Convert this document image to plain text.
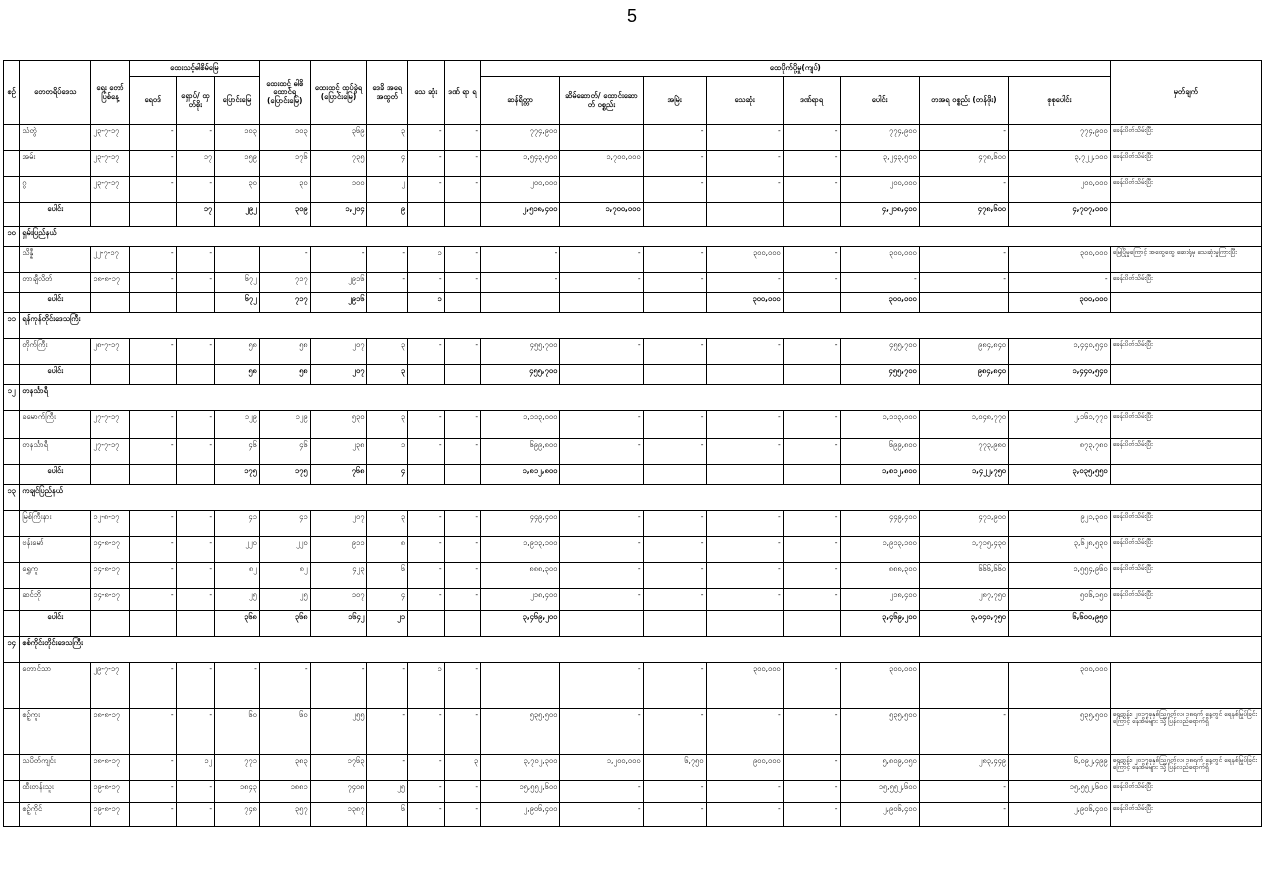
5
စဉ်	တေတရိပ်ဒေသ	ရေး တော် ပြစ်နေ့	ထေးသင့်ဓါစိမ်မြေ			ထေးထင့် ဓါစိ ထောင်ရ (ပြောင်းမြေ)	ထေးထင့် ထှပ်ခွဲရ (ပြောင်းမြေ)	ဒေခိ အရေ အထွတ်	သေ ဆုံး	ဒဏ် ရာ ရ	ထေပိုက်ပို့မှု(ကျပ်)								မှတ်ချက်
			ရေ၀ဒ်	ရှောပ်/ ထှတ်စိုး	ပြောင်းမြေ						ဆန်ရိတ္တာ	ဆိမ်ဆောတ်/ ထောင်းဆောတ် ဝစ္စည်း	အမြဲး	သေဆုံး	ဒဏ်ရာရ	ပေါင်း	တအရ ဝစ္စည်း (တန်ဖိုး)	စုစုပေါင်း	
	သံတွဲ	၂၃-၇-၁၇	-	-	၁၀၃	၁၀၃	၃၆၉	၃	-	-	၇၇၄,၉၀၀		-	-	-	၇၇၄,၉၀၀	-	၇၇၄,၉၀၀	ခေန်းပိတ်သိမ်းပြီး
	အမ်း	၂၃-၇-၁၇	-	၁၇	၁၅၉	၁၇၆	၇၃၅	၄	-	-	၁,၅၄၃,၅၀၀	၁,၇၀၀,၀၀၀	-	-	-	၃,၂၄၃,၅၀၀	၄၇၈,၆၀၀	၃,၇၂၂,၁၀၀	ခေန်းပိတ်သိမ်းပြီး
	ဂွ	၂၃-၇-၁၇	-	-	၃၀	၃၀	၁၀၀	၂	-	-	၂၀၀,၀၀၀		-	-	-	၂၀၀,၀၀၀	-	၂၀၀,၀၀၀	ခေန်းပိတ်သိမ်းပြီး
	ပေါင်း			၁၇	၂၉၂	၃၀၉	၁,၂၀၄	၉			၂,၅၁၈,၄၀၀	၁,၇၀၀,၀၀၀				၄,၂၁၈,၄၀၀	၄၇၈,၆၀၀	၄,၇၀၇,၀၀၀	
၁၀	ရှမ်းပြည်နယ်																		
	သိန္နီ	၂၂-၇-၁၇	-	-		-	-	-	၁	-	-	-	-	၃၀၀,၀၀၀	-	၃၀၀,၀၀၀	-	၃၀၀,၀၀၀	မြေပြိုမှုကြောင့် အထွေထွေ ဆေးရုံမှ သေဆုံးမှုကြားပြီး
	တာချီလိတ်	၁၈-၈-၁၇	-	-	၆၇၂	၇၁၇	၂၉၁၆	-	-	-	-	-	-	-	-	-	-	-	ခေန်းပိတ်သိမ်းပြီး
	ပေါင်း				၆၇၂	၇၁၇	၂၉၁၆		၁					၃၀၀,၀၀၀		၃၀၀,၀၀၀		၃၀၀,၀၀၀	
၁၁	ရန်ကုန်တိုင်းဒေသကြီး																		
	တိုက်ကြီး	၂၈-၇-၁၇	-	-	၅၈	၅၈	၂၀၇	၃	-	-	၄၅၅,၇၀၀	-	-	-	-	၄၅၅,၇၀၀	၉၈၄,၈၄၀	၁,၄၄၀,၅၄၀	ခေန်းပိတ်သိမ်းပြီး
	ပေါင်း				၅၈	၅၈	၂၀၇	၃			၄၅၅,၇၀၀					၄၅၅,၇၀၀	၉၈၄,၈၄၀	၁,၄၄၀,၅၄၀	
၁၂	တနင်္သာရီ																		
	ခမောက်ကြီး	၂၇-၇-၁၇	-	-	၁၂၉	၁၂၉	၅၃၀	၃	-	-	၁,၁၁၃,၀၀၀	-	-	-	-	၁,၁၁၃,၀၀၀	၁,၀၄၈,၇၇၀	၂,၁၆၁,၇၇၀	ခေန်းပိတ်သိမ်းပြီး
	တနင်္သာရီ	၂၇-၇-၁၇	-	-	၄၆	၄၆	၂၃၈	၁	-	-	၆၉၉,၈၀၀	-	-	-	-	၆၉၉,၈၀၀	၇၇၃,၉၈၀	၈၇၃,၇၈၀	ခေန်းပိတ်သိမ်းပြီး
	ပေါင်း				၁၇၅	၁၇၅	၇၆၈	၄			၁,၈၁၂,၈၀၀					၁,၈၁၂,၈၀၀	၁,၄၂၂,၇၅၀	၃,၀၃၅,၅၅၀	
၁၃	ကချင်ပြည်နယ်																		
	မြစ်ကြီးနား	၁၂-၈-၁၇	-	-	၄၁	၄၁	၂၀၇	၃	-	-	၄၄၉,၄၀၀	-	-	-	-	၄၄၉,၄၀၀	၄၇၁,၉၀၀	၉၂၁,၃၀၀	ခေန်းပိတ်သိမ်းပြီး
	ဗန်းမော်	၁၄-၈-၁၇	-	-	၂၂၀	၂၂၀	၉၁၁	၈	-	-	၁,၉၁၃,၁၀၀	-	-	-	-	၁,၉၁၃,၁၀၀	၁,၇၁၅,၄၃၀	၃,၆၂၈,၅၃၀	ခေန်းပိတ်သိမ်းပြီး
	ရွှေကူ	၁၄-၈-၁၇	-	-	၈၂	၈၂	၄၂၃	၆	-	-	၈၈၈,၃၀၀	-	-	-	-	၈၈၈,၃၀၀	၆၆၆,၆၆၀	၁,၅၅၄,၉၆၀	ခေန်းပိတ်သိမ်းပြီး
	ဆင်ဘို	၁၄-၈-၁၇	-	-	၂၅	၂၅	၁၀၇	၄	-	-	၂၁၈,၄၀၀	-	-	-	-	၂၁၈,၄၀၀	၂၈၇,၇၅၀	၅၀၆,၁၅၀	ခေန်းပိတ်သိမ်းပြီး
	ပေါင်း				၃၆၈	၃၆၈	၁၆၄၂	၂၁			၃,၄၆၉,၂၀၀					၃,၄၆၉,၂၀၀	၃,၀၄၀,၇၅၀	၆,၆၀၀,၉၅၀	
၁၄	စစ်ကိုင်းတိုင်းဒေသကြီး																		
	တောင်သာ	၂၉-၇-၁၇	-	-	-	-	-	-	၁	-		-	-	၃၀၀,၀၀၀	-	၃၀၀,၀၀၀		၃၀၀,၀၀၀	
	စဉ့်ကူး	၁၈-၈-၁၇	-	-	၆၀	၆၀	၂၅၅	-	-	-	၅၃၅,၅၀၀	-	-	-	-	၅၃၅,၅၀၀	-	၅၃၅,၅၀၀	ရေထွန်း၊ ၂၀၁၇ခုနှစ်ဩဂုတ်လ၊ ၁၈ရက် နေ့တွင် ရေနစ်မြုပ်ခြင်းကြောင့် နေအိမ်များ သို့ ပြန်လည်ရောက်ရှိ
	သပိတ်ကျင်း	၁၈-၈-၁၇	-	၁၂	၇၇၁	၃၈၃	၁၇၆၃	-	-	၃	၃,၇၀၂,၃၀၀	၁,၂၀၀,၀၀၀	၆,၇၅၀	၉၀၀,၀၀၀	-	၅,၈၀၉,၀၅၀	၂၈၃,၄၄၉	၆,၀၉၂,၄၉၉	ရေထွန်း၊ ၂၀၁၇ခုနှစ်ဩဂုတ်လ၊ ၁၈ရက် နေ့တွင် ရေနစ်မြုပ်ခြင်းကြောင့် နေအိမ်များ သို့ ပြန်လည်ရောက်ရှိ
	ထီးတန်းသူး	၁၉-၈-၁၇	-	-	၁၈၄၃	၁၈၈၁	၇၄၀၈	၂၅	-	-	၁၅,၅၅၂,၆၀၀	-	-	-	-	၁၅,၅၅၂,၆၀၀	-	၁၅,၅၅၂,၆၀၀	ခေန်းပိတ်သိမ်းပြီး
	စဉ့်ကိုင်	၁၉-၈-၁၇	-	-	၇၄၈	၃၅၇	၁၃၈၇	၆	-	-	၂,၉၀၆,၄၀၀	-	-	-	-	၂,၉၀၆,၄၀၀	-	၂,၉၀၆,၄၀၀	ခေန်းပိတ်သိမ်းပြီး
